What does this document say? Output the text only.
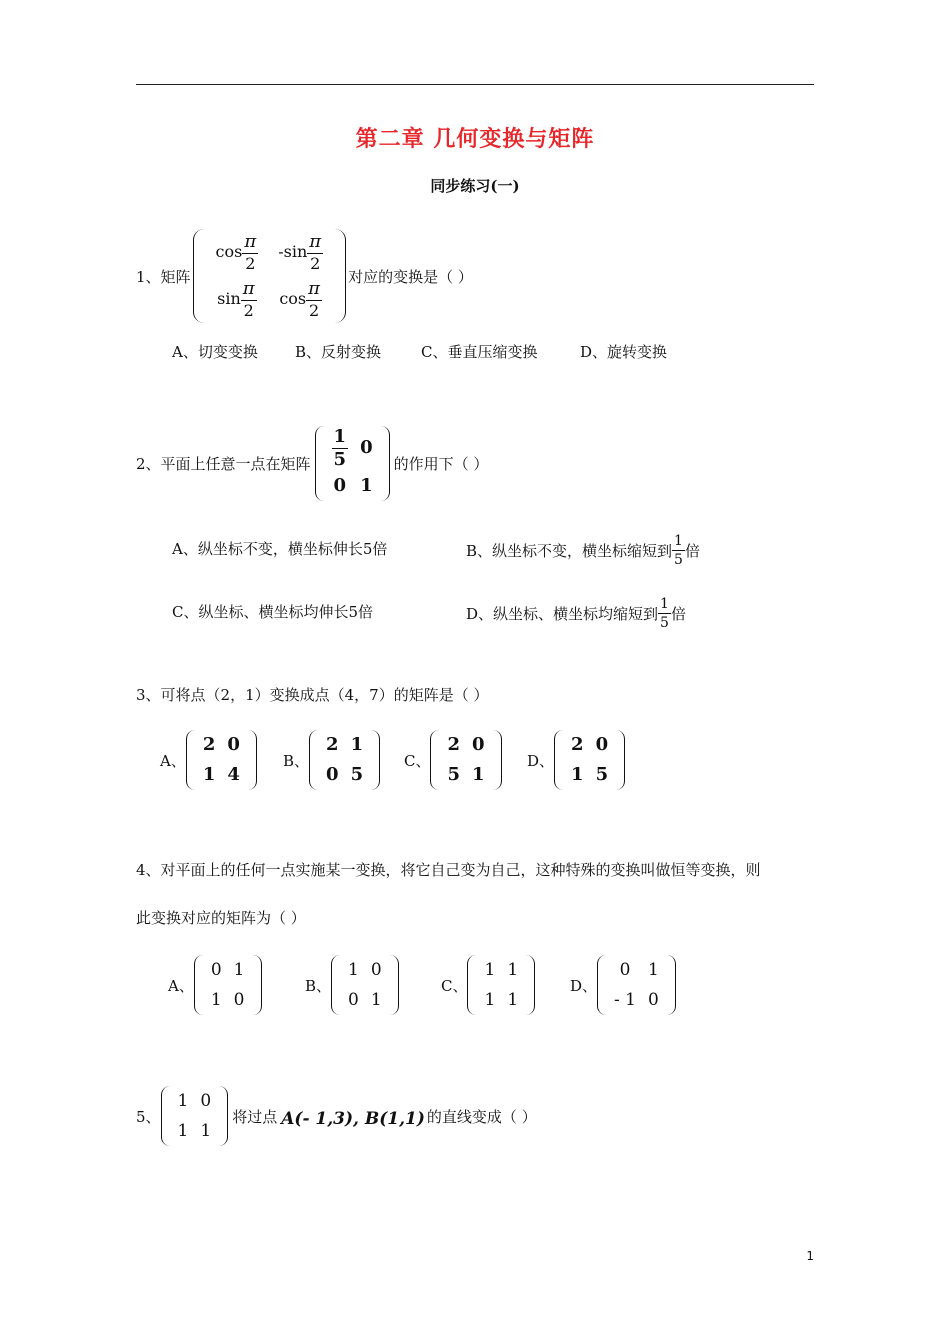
第二章 几何变换与矩阵
同步练习(一)
1、矩阵
$\cos \frac{\pi}{2}$	$-\sin \frac{\pi}{2}$
$\sin \frac{\pi}{2}$	$\cos \frac{\pi}{2}$
对应的变换是（ ）
A、切变变换 B、反射变换	C、垂直压缩变换	D、旋转变换
2、平面上任意一点在矩阵 $\frac{1}{5} 0$
0 1
的作用下（ ）
A、纵坐标不变，横坐标伸长5倍	B、纵坐标不变，横坐标缩短到 $\frac{1}{5}$ 倍
C、纵坐标、横坐标均伸长5倍	D、纵坐标、横坐标均缩短到 $\frac{1}{5}$ 倍
3、可将点（2，1）变换成点（4，7）的矩阵是（ ）
A、
2 0
1 4
B、
2 1
0 5
C、
2 0
5 1
D、
2 0
1 5
4、对平面上的任何一点实施某一变换，将它自己变为自己，这种特殊的变换叫做恒等变换，则
此变换对应的矩阵为（ ）
A、
0 1
1 0
B、
1 0
0 1
C、
1 1
1 1
D、
0	1
- 1 0
5、
1 0
1 1
将过点 A(- 1,3), B(1,1) 的直线变成（ ）
1
